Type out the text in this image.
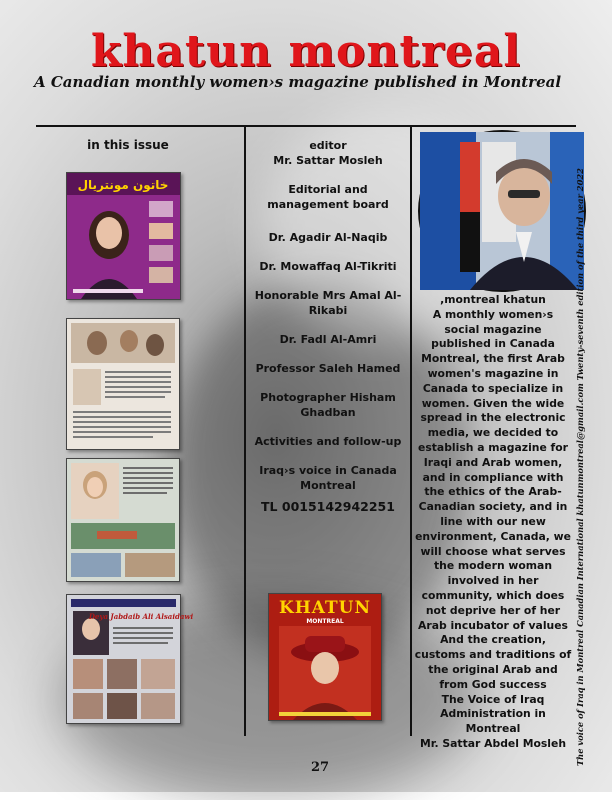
khatun montreal
A Canadian monthly women›s magazine published in Montreal
in this issue
خاتون مونتريال
Deya Jabdaib Ali Alsaidawi
editor
Mr. Sattar Mosleh
Editorial and management board
Dr. Agadir Al-Naqib
Dr. Mowaffaq Al-Tikriti
Honorable Mrs Amal Al-Rikabi
Dr. Fadl Al-Amri
Professor Saleh Hamed
Photographer Hisham Ghadban
Activities and follow-up
Iraq›s voice in Canada Montreal
TL 0015142942251
KHATUN
MONTREAL
,montreal khatun
A monthly women›s social magazine published in Canada Montreal, the first Arab women's magazine in Canada to specialize in women. Given the wide spread in the electronic media, we decided to establish a magazine for Iraqi and Arab women, and in compliance with the ethics of the Arab-Canadian society, and in line with our new environment, Canada, we will choose what serves the modern woman involved in her community, which does not deprive her of her Arab incubator of values And the creation, customs and traditions of the original Arab and from God success
The Voice of Iraq Administration in Montreal
Mr. Sattar Abdel Mosleh	The voice of Iraq in Montreal Canadian International khatunmontreal@gmail.com Twenty-seventh edition of the third year 2022
27
